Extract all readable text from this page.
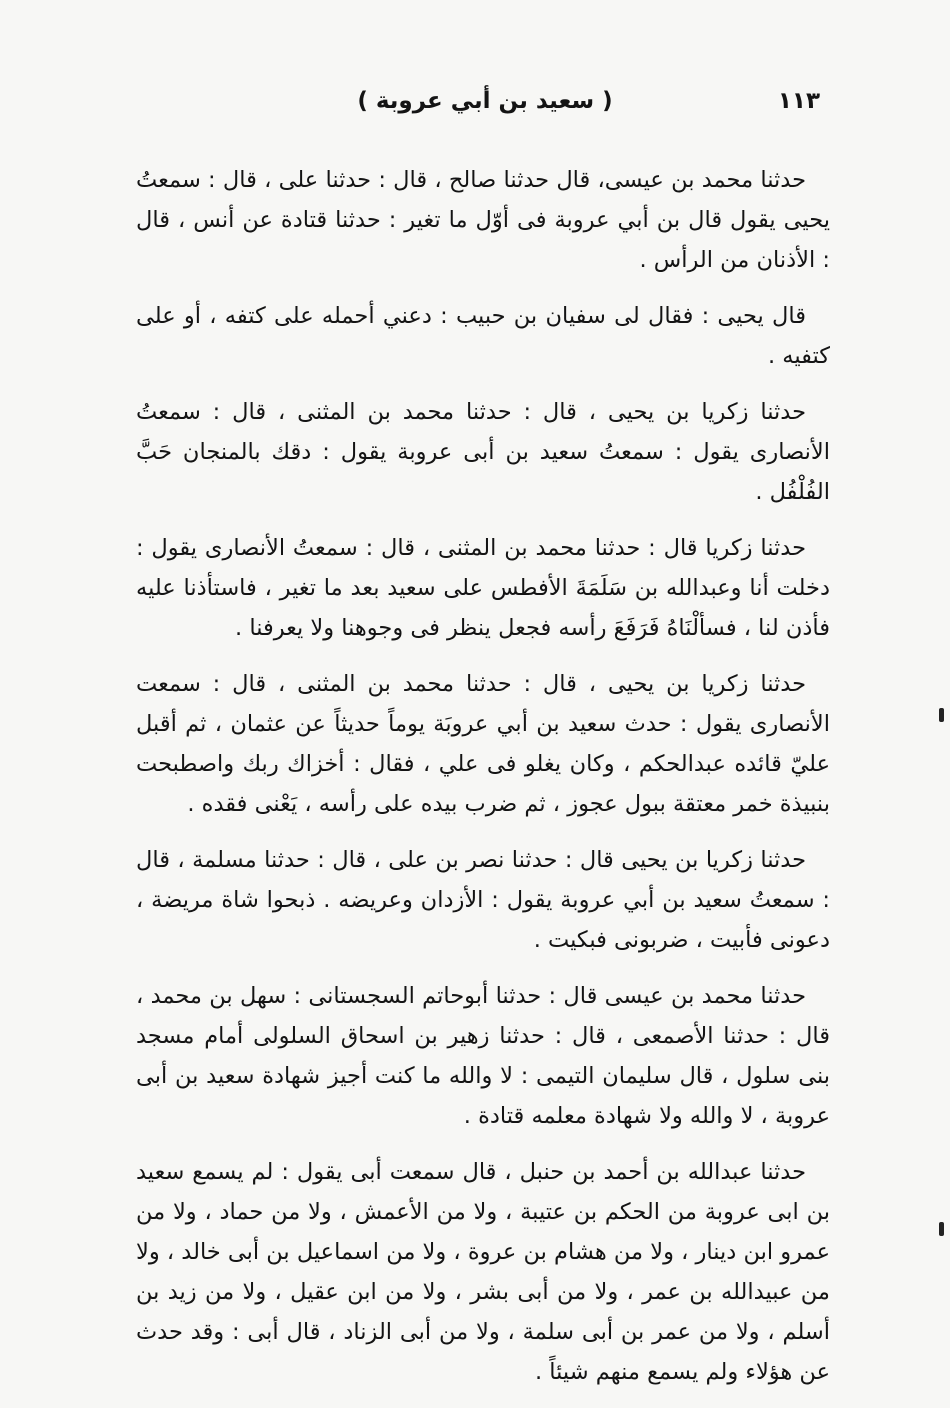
( سعيد بن أبي عروبة )	١١٣

حدثنا محمد بن عيسى، قال حدثنا صالح ، قال : حدثنا على ، قال : سمعتُ يحيى يقول قال بن أبي عروبة فى أوّل ما تغير : حدثنا قتادة عن أنس ، قال : الأذنان من الرأس .

قال يحيى : فقال لى سفيان بن حبيب : دعني أحمله على كتفه ، أو على كتفيه .

حدثنا زكريا بن يحيى ، قال : حدثنا محمد بن المثنى ، قال : سمعتُ الأنصارى يقول : سمعتُ سعيد بن أبى عروبة يقول : دقك بالمنجان حَبَّ الفُلْفُل .

حدثنا زكريا قال : حدثنا محمد بن المثنى ، قال : سمعتُ الأنصارى يقول : دخلت أنا وعبدالله بن سَلَمَةَ الأفطس على سعيد بعد ما تغير ، فاستأذنا عليه فأذن لنا ، فسألْنَاهُ فَرَفَعَ رأسه فجعل ينظر فى وجوهنا ولا يعرفنا .

حدثنا زكريا بن يحيى ، قال : حدثنا محمد بن المثنى ، قال : سمعت الأنصارى يقول : حدث سعيد بن أبي عروبَة يوماً حديثاً عن عثمان ، ثم أقبل عليّ قائده عبدالحكم ، وكان يغلو فى علي ، فقال : أخزاك ربك واصطبحت بنبيذة خمر معتقة ببول عجوز ، ثم ضرب بيده على رأسه ، يَعْنى فقده .

حدثنا زكريا بن يحيى قال : حدثنا نصر بن على ، قال : حدثنا مسلمة ، قال : سمعتُ سعيد بن أبي عروبة يقول : الأزدان وعريضه . ذبحوا شاة مريضة ، دعونى فأبيت ، ضربونى فبكيت .

حدثنا محمد بن عيسى قال : حدثنا أبوحاتم السجستانى : سهل بن محمد ، قال : حدثنا الأصمعى ، قال : حدثنا زهير بن اسحاق السلولى أمام مسجد بنى سلول ، قال سليمان التيمى : لا والله ما كنت أجيز شهادة سعيد بن أبى عروبة ، لا والله ولا شهادة معلمه قتادة .

حدثنا عبدالله بن أحمد بن حنبل ، قال سمعت أبى يقول : لم يسمع سعيد بن ابى عروبة من الحكم بن عتيبة ، ولا من الأعمش ، ولا من حماد ، ولا من عمرو ابن دينار ، ولا من هشام بن عروة ، ولا من اسماعيل بن أبى خالد ، ولا من عبيدالله بن عمر ، ولا من أبى بشر ، ولا من ابن عقيل ، ولا من زيد بن أسلم ، ولا من عمر بن أبى سلمة ، ولا من أبى الزناد ، قال أبى : وقد حدث عن هؤلاء ولم يسمع منهم شيئاً .
